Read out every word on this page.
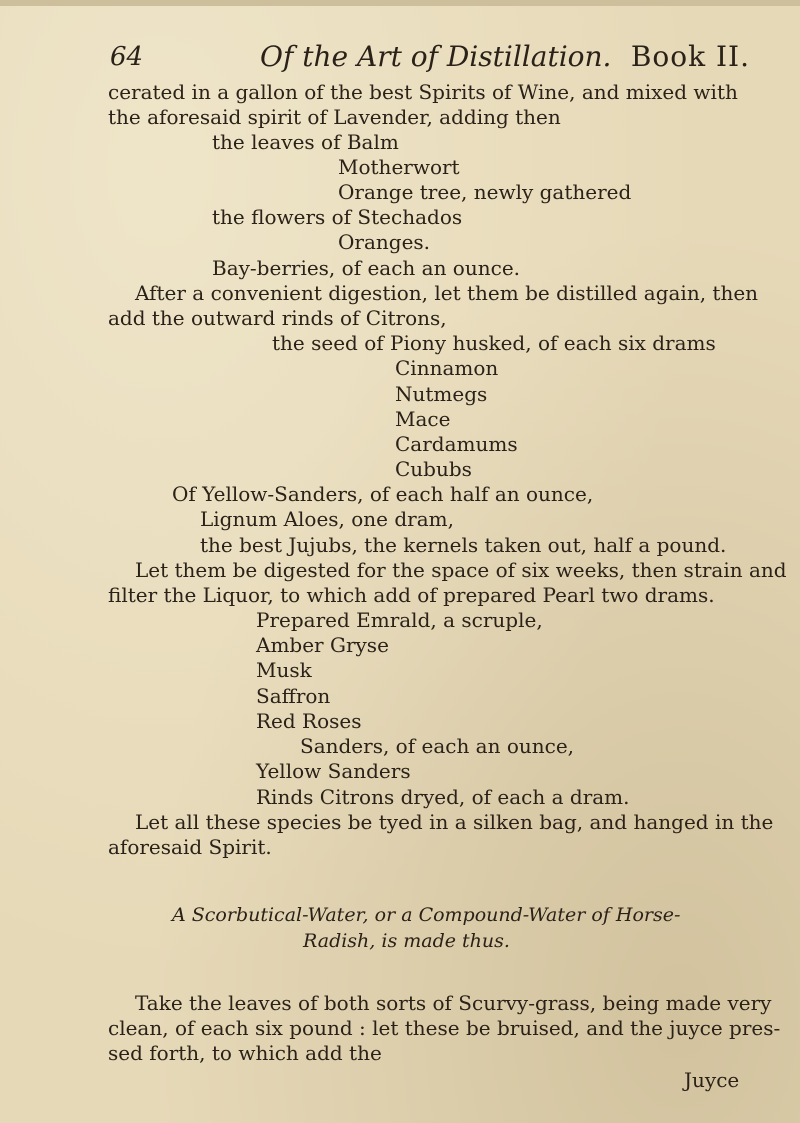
64	Of the Art of Distillation. Book II.
cerated in a gallon of the best Spirits of Wine, and mixed with
the aforesaid spirit of Lavender, adding then
the leaves of Balm
Motherwort
Orange tree, newly gathered
the flowers of Stechados
Oranges.
Bay-berries, of each an ounce.
After a convenient digestion, let them be distilled again, then
add the outward rinds of Citrons,
the seed of Piony husked, of each six drams
Cinnamon
Nutmegs
Mace
Cardamums
Cububs
Of Yellow-Sanders, of each half an ounce,
Lignum Aloes, one dram,
the best Jujubs, the kernels taken out, half a pound.
Let them be digested for the space of six weeks, then strain and
filter the Liquor, to which add of prepared Pearl two drams.
Prepared Emrald, a scruple,
Amber Gryse
Musk
Saffron
Red Roses
Sanders, of each an ounce,
Yellow Sanders
Rinds Citrons dryed, of each a dram.
Let all these species be tyed in a silken bag, and hanged in the
aforesaid Spirit.
A Scorbutical-Water, or a Compound-Water of Horse-
Radish, is made thus.
Take the leaves of both sorts of Scurvy-grass, being made very
clean, of each six pound : let these be bruised, and the juyce pres-
sed forth, to which add the
Juyce
